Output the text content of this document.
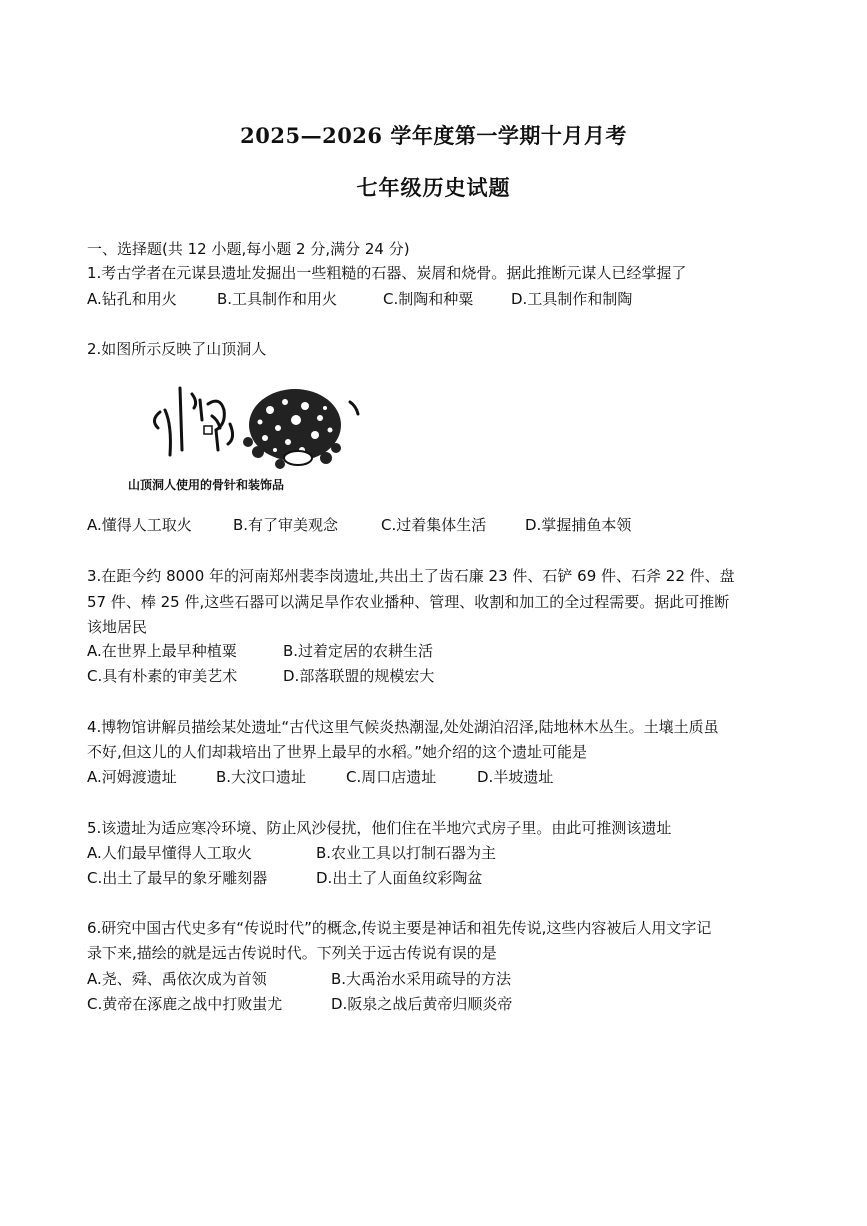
2025—2026 学年度第一学期十月月考
七年级历史试题
一、选择题(共 12 小题,每小题 2 分,满分 24 分)
1.考古学者在元谋县遗址发掘出一些粗糙的石器、炭屑和烧骨。据此推断元谋人已经掌握了
A.钻孔和用火	B.工具制作和用火	C.制陶和种粟	D.工具制作和制陶
2.如图所示反映了山顶洞人
山顶洞人使用的骨针和装饰品
A.懂得人工取火	B.有了审美观念	C.过着集体生活	D.掌握捕鱼本领
3.在距今约 8000 年的河南郑州裴李岗遗址,共出土了齿石廉 23 件、石铲 69 件、石斧 22 件、盘
57 件、棒 25 件,这些石器可以满足旱作农业播种、管理、收割和加工的全过程需要。据此可推断
该地居民
A.在世界上最早种植粟	B.过着定居的农耕生活
C.具有朴素的审美艺术	D.部落联盟的规模宏大
4.博物馆讲解员描绘某处遗址“古代这里气候炎热潮湿,处处湖泊沼泽,陆地林木丛生。土壤土质虽
不好,但这儿的人们却栽培出了世界上最早的水稻。”她介绍的这个遗址可能是
A.河姆渡遗址	B.大汶口遗址	C.周口店遗址	D.半坡遗址
5.该遗址为适应寒冷环境、防止风沙侵扰，他们住在半地穴式房子里。由此可推测该遗址
A.人们最早懂得人工取火	B.农业工具以打制石器为主
C.出土了最早的象牙雕刻器	D.出土了人面鱼纹彩陶盆
6.研究中国古代史多有“传说时代”的概念,传说主要是神话和祖先传说,这些内容被后人用文字记
录下来,描绘的就是远古传说时代。下列关于远古传说有误的是
A.尧、舜、禹依次成为首领	B.大禹治水采用疏导的方法
C.黄帝在涿鹿之战中打败蚩尤	D.阪泉之战后黄帝归顺炎帝
